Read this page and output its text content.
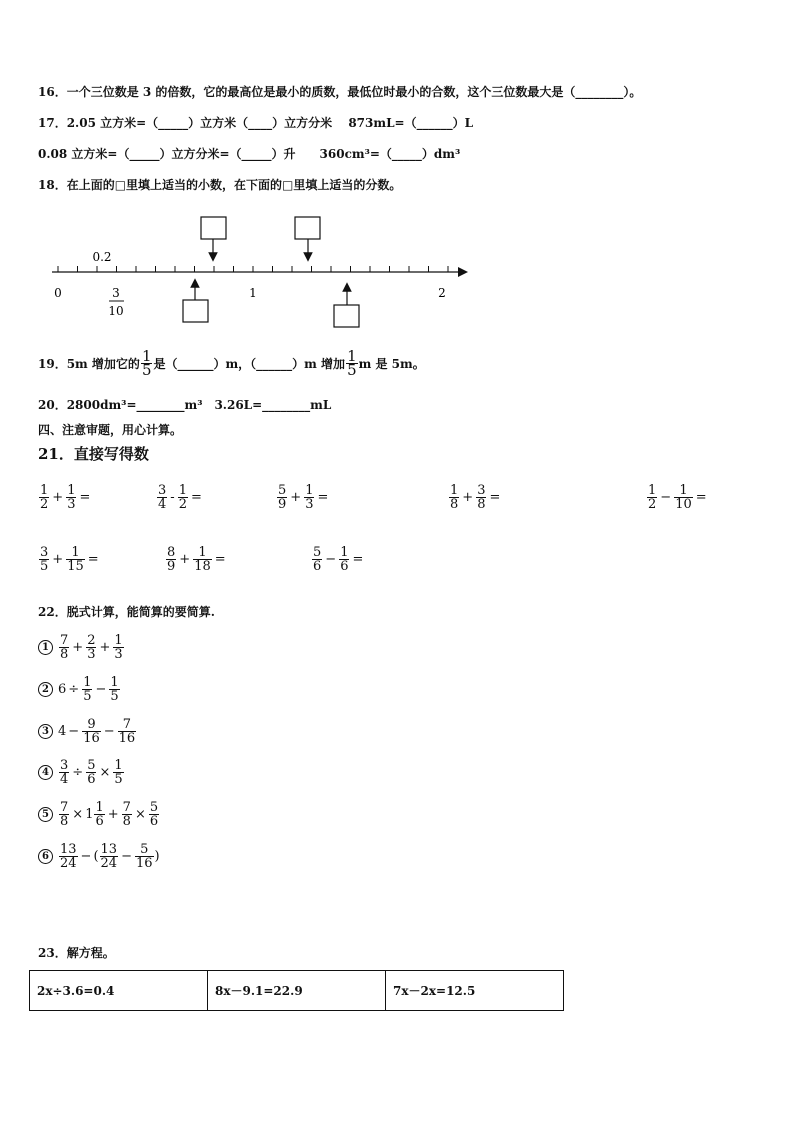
16．一个三位数是 3 的倍数，它的最高位是最小的质数，最低位时最小的合数，这个三位数最大是（________）。
17．2.05 立方米=（_____）立方米（____）立方分米　 873mL=（______）L
0.08 立方米=（_____）立方分米=（_____）升　　360cm³=（_____）dm³
18．在上面的□里填上适当的小数，在下面的□里填上适当的分数。
0	1	2
0.2
3
10
19．5m 增加它的 $\frac{1}{5}$ 是（______）m，（______）m 增加 $\frac{1}{5}$ m 是 5m。
20．2800dm³=________m³　3.26L=________mL
四、注意审题，用心计算。
21．直接写得数
$\frac{1}{2} + \frac{1}{3}$ =	$\frac{3}{4} - \frac{1}{2}$ =	$\frac{5}{9} + \frac{1}{3}$ =	$\frac{1}{8} + \frac{3}{8}$ =	$\frac{1}{2} - \frac{1}{10}$ =
$\frac{3}{5} + \frac{1}{15}$ =	$\frac{8}{9} + \frac{1}{18}$ =	$\frac{5}{6} - \frac{1}{6}$ =
22．脱式计算，能简算的要简算.
$1 \frac{7}{8} + \frac{2}{3} + \frac{1}{3}$
2 $6 \div \frac{1}{5} - \frac{1}{5}$
3 $4 - \frac{9}{16} - \frac{7}{16}$
$4 \frac{3}{4} \div \frac{5}{6} \times \frac{1}{5}$
$5 \frac{7}{8} \times 1 \frac{1}{6} + \frac{7}{8} \times \frac{5}{6}$
$6 \frac{13}{24}$ − ( $\frac{13}{24} - \frac{5}{16}$ )
23．解方程。
2x÷3.6=0.4	8x－9.1=22.9	7x－2x=12.5
